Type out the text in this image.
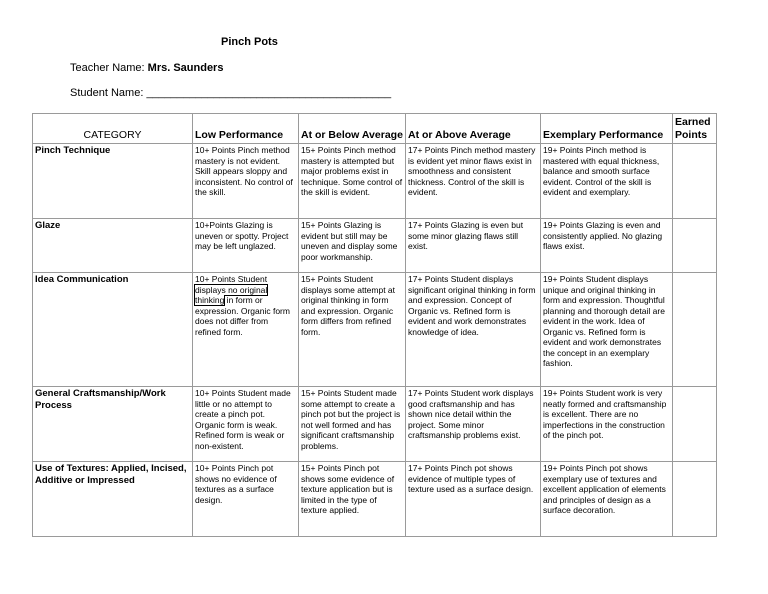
Pinch Pots
Teacher Name: Mrs. Saunders
Student Name: ________________________________________
CATEGORY	Low Performance	At or Below Average	At or Above Average	Exemplary Performance	Earned Points
Pinch Technique	10+ Points Pinch method mastery is not evident. Skill appears sloppy and inconsistent. No control of the skill.	15+ Points Pinch method mastery is attempted but major problems exist in technique. Some control of the skill is evident.	17+ Points Pinch method mastery is evident yet minor flaws exist in smoothness and consistent thickness. Control of the skill is evident.	19+ Points Pinch method is mastered with equal thickness, balance and smooth surface evident. Control of the skill is evident and exemplary.	
Glaze	10+Points Glazing is uneven or spotty. Project may be left unglazed.	15+ Points Glazing is evident but still may be uneven and display some poor workmanship.	17+ Points Glazing is even but some minor glazing flaws still exist.	19+ Points Glazing is even and consistently applied. No glazing flaws exist.	
Idea Communication	10+ Points Student displays no original thinking in form or expression. Organic form does not differ from refined form.	15+ Points Student displays some attempt at original thinking in form and expression. Organic form differs from refined form.	17+ Points Student displays significant original thinking in form and expression. Concept of Organic vs. Refined form is evident and work demonstrates knowledge of idea.	19+ Points Student displays unique and original thinking in form and expression. Thoughtful planning and thorough detail are evident in the work. Idea of Organic vs. Refined form is evident and work demonstrates the concept in an exemplary fashion.	
General Craftsmanship/Work Process	10+ Points Student made little or no attempt to create a pinch pot. Organic form is weak. Refined form is weak or non-existent.	15+ Points Student made some attempt to create a pinch pot but the project is not well formed and has significant craftsmanship problems.	17+ Points Student work displays good craftsmanship and has shown nice detail within the project. Some minor craftsmanship problems exist.	19+ Points Student work is very neatly formed and craftsmanship is excellent. There are no imperfections in the construction of the pinch pot.	
Use of Textures: Applied, Incised, Additive or Impressed	10+ Points Pinch pot shows no evidence of textures as a surface design.	15+ Points Pinch pot shows some evidence of texture application but is limited in the type of texture applied.	17+ Points Pinch pot shows evidence of multiple types of texture used as a surface design.	19+ Points Pinch pot shows exemplary use of textures and excellent application of elements and principles of design as a surface decoration.	
